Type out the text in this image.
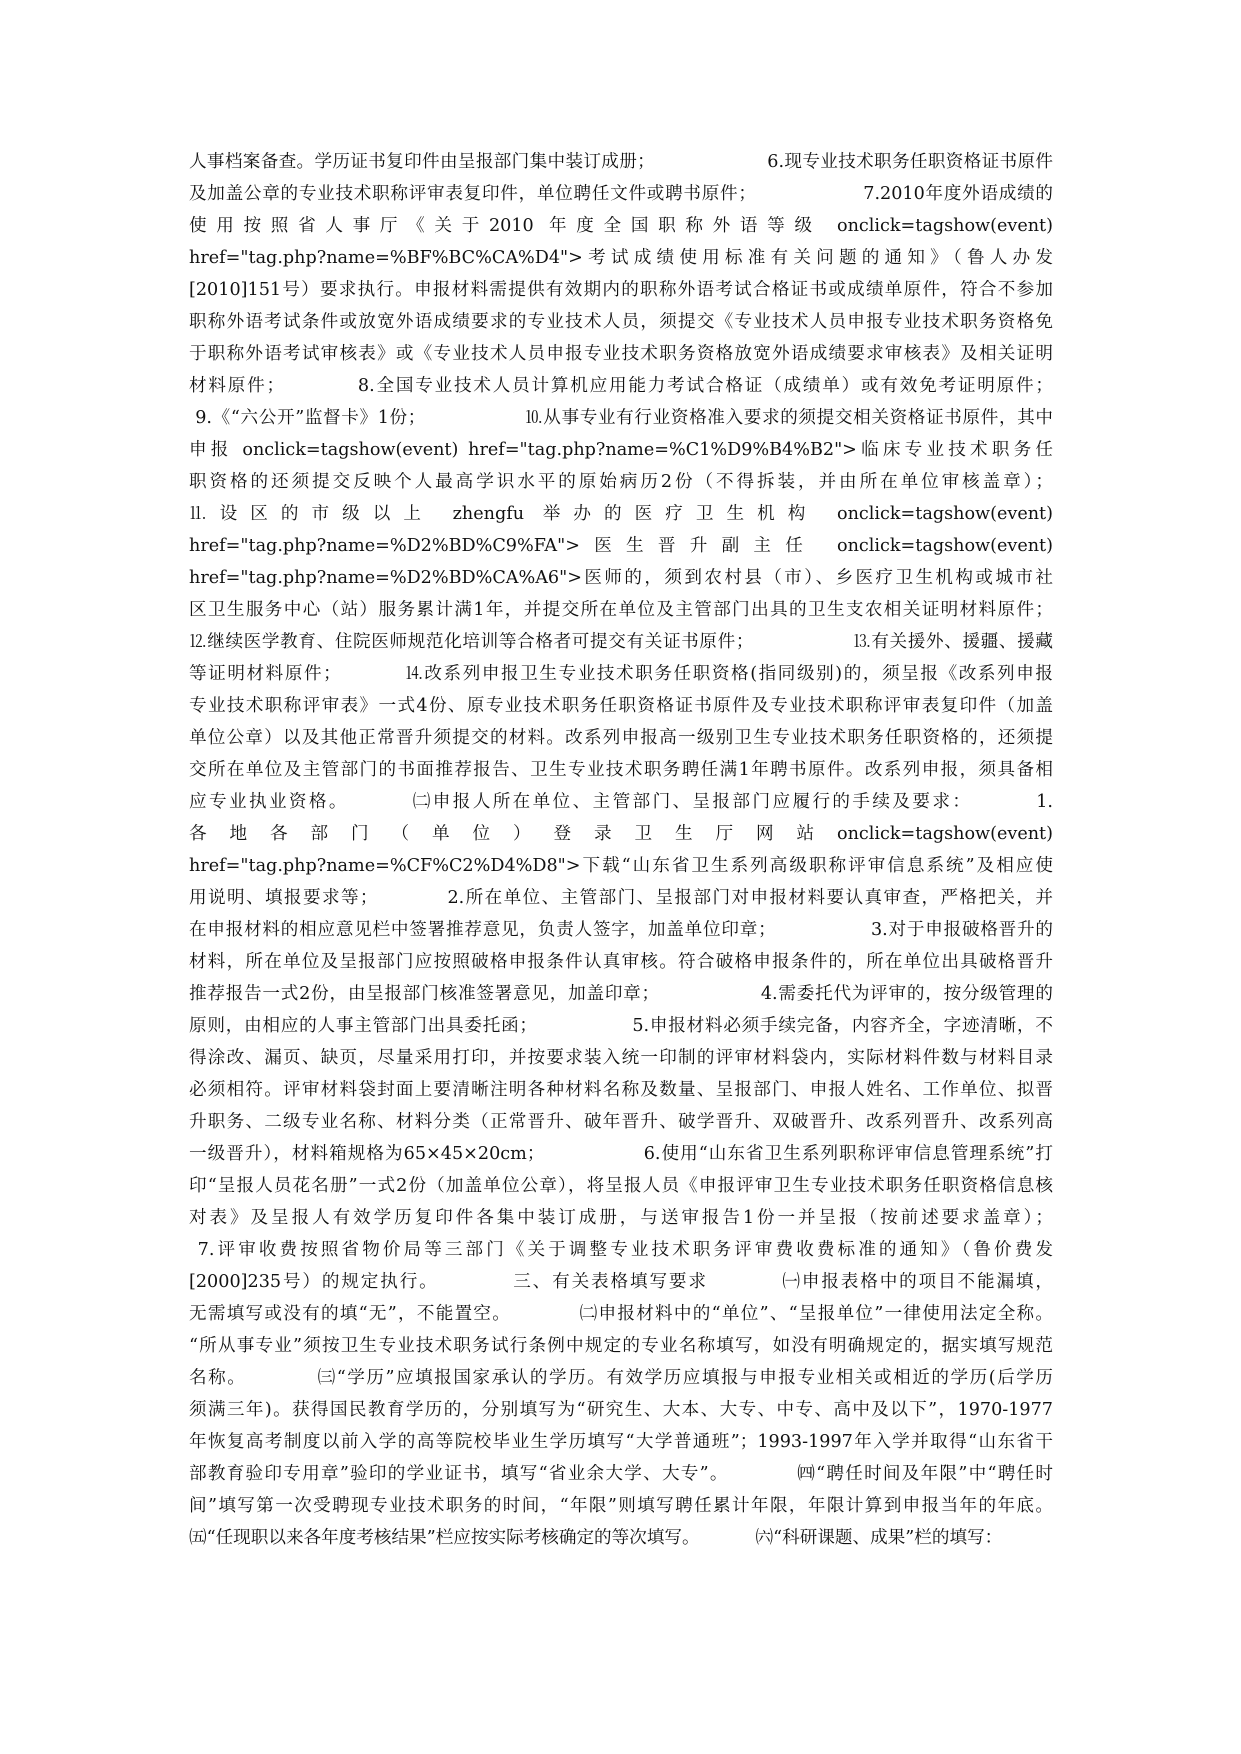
人事档案备查。学历证书复印件由呈报部门集中装订成册；                   6.现专业技术职务任职资格证书原件
及加盖公章的专业技术职称评审表复印件，单位聘任文件或聘书原件；                 7.2010年度外语成绩的
使用按照省人事厅《关于2010 年度全国职称外语等级 onclick=tagshow(event)
href="tag.php?name=%BF%BC%CA%D4">考试成绩使用标准有关问题的通知》（鲁人办发
[2010]151号）要求执行。申报材料需提供有效期内的职称外语考试合格证书或成绩单原件，符合不参加
职称外语考试条件或放宽外语成绩要求的专业技术人员，须提交《专业技术人员申报专业技术职务资格免
于职称外语考试审核表》或《专业技术人员申报专业技术职务资格放宽外语成绩要求审核表》及相关证明
材料原件；          8.全国专业技术人员计算机应用能力考试合格证（成绩单）或有效免考证明原件；
9.《“六公开”监督卡》1份；                ⒑从事专业有行业资格准入要求的须提交相关资格证书原件，其中
申报 onclick=tagshow(event) href="tag.php?name=%C1%D9%B4%B2">临床专业技术职务任
职资格的还须提交反映个人最高学识水平的原始病历2份（不得拆装，并由所在单位审核盖章）；
⒒设区的市级以上 zhengfu 举办的医疗卫生机构 onclick=tagshow(event)
href="tag.php?name=%D2%BD%C9%FA">医生晋升副主任 onclick=tagshow(event)
href="tag.php?name=%D2%BD%CA%A6">医师的，须到农村县（市）、乡医疗卫生机构或城市社
区卫生服务中心（站）服务累计满1年，并提交所在单位及主管部门出具的卫生支农相关证明材料原件；
⒓继续医学教育、住院医师规范化培训等合格者可提交有关证书原件；                ⒔有关援外、援疆、援藏
等证明材料原件；         ⒕改系列申报卫生专业技术职务任职资格(指同级别)的，须呈报《改系列申报
专业技术职称评审表》一式4份、原专业技术职务任职资格证书原件及专业技术职称评审表复印件（加盖
单位公章）以及其他正常晋升须提交的材料。改系列申报高一级别卫生专业技术职务任职资格的，还须提
交所在单位及主管部门的书面推荐报告、卫生专业技术职务聘任满1年聘书原件。改系列申报，须具备相
应专业执业资格。        ㈡申报人所在单位、主管部门、呈报部门应履行的手续及要求：        1.
各 地 各 部 门 （ 单 位 ） 登 录 卫 生 厅 网 站 onclick=tagshow(event)
href="tag.php?name=%CF%C2%D4%D8">下载“山东省卫生系列高级职称评审信息系统”及相应使
用说明、填报要求等；          2.所在单位、主管部门、呈报部门对申报材料要认真审查，严格把关，并
在申报材料的相应意见栏中签署推荐意见，负责人签字，加盖单位印章；               3.对于申报破格晋升的
材料，所在单位及呈报部门应按照破格申报条件认真审核。符合破格申报条件的，所在单位出具破格晋升
推荐报告一式2份，由呈报部门核准签署意见，加盖印章；                4.需委托代为评审的，按分级管理的
原则，由相应的人事主管部门出具委托函；               5.申报材料必须手续完备，内容齐全，字迹清晰，不
得涂改、漏页、缺页，尽量采用打印，并按要求装入统一印制的评审材料袋内，实际材料件数与材料目录
必须相符。评审材料袋封面上要清晰注明各种材料名称及数量、呈报部门、申报人姓名、工作单位、拟晋
升职务、二级专业名称、材料分类（正常晋升、破年晋升、破学晋升、双破晋升、改系列晋升、改系列高
一级晋升），材料箱规格为65×45×20cm；               6.使用“山东省卫生系列职称评审信息管理系统”打
印“呈报人员花名册”一式2份（加盖单位公章），将呈报人员《申报评审卫生专业技术职务任职资格信息核
对表》及呈报人有效学历复印件各集中装订成册，与送审报告1份一并呈报（按前述要求盖章）；
7.评审收费按照省物价局等三部门《关于调整专业技术职务评审费收费标准的通知》（鲁价费发
[2000]235号）的规定执行。          三、有关表格填写要求          ㈠申报表格中的项目不能漏填，
无需填写或没有的填“无”，不能置空。          ㈡申报材料中的“单位”、“呈报单位”一律使用法定全称。
“所从事专业”须按卫生专业技术职务试行条例中规定的专业名称填写，如没有明确规定的，据实填写规范
名称。          ㈢“学历”应填报国家承认的学历。有效学历应填报与申报专业相关或相近的学历(后学历
须满三年)。获得国民教育学历的，分别填写为“研究生、大本、大专、中专、高中及以下”，1970-1977
年恢复高考制度以前入学的高等院校毕业生学历填写“大学普通班”；1993-1997年入学并取得“山东省干
部教育验印专用章”验印的学业证书，填写“省业余大学、大专”。          ㈣“聘任时间及年限”中“聘任时
间”填写第一次受聘现专业技术职务的时间，“年限”则填写聘任累计年限，年限计算到申报当年的年底。
㈤“任现职以来各年度考核结果”栏应按实际考核确定的等次填写。          ㈥“科研课题、成果”栏的填写：
